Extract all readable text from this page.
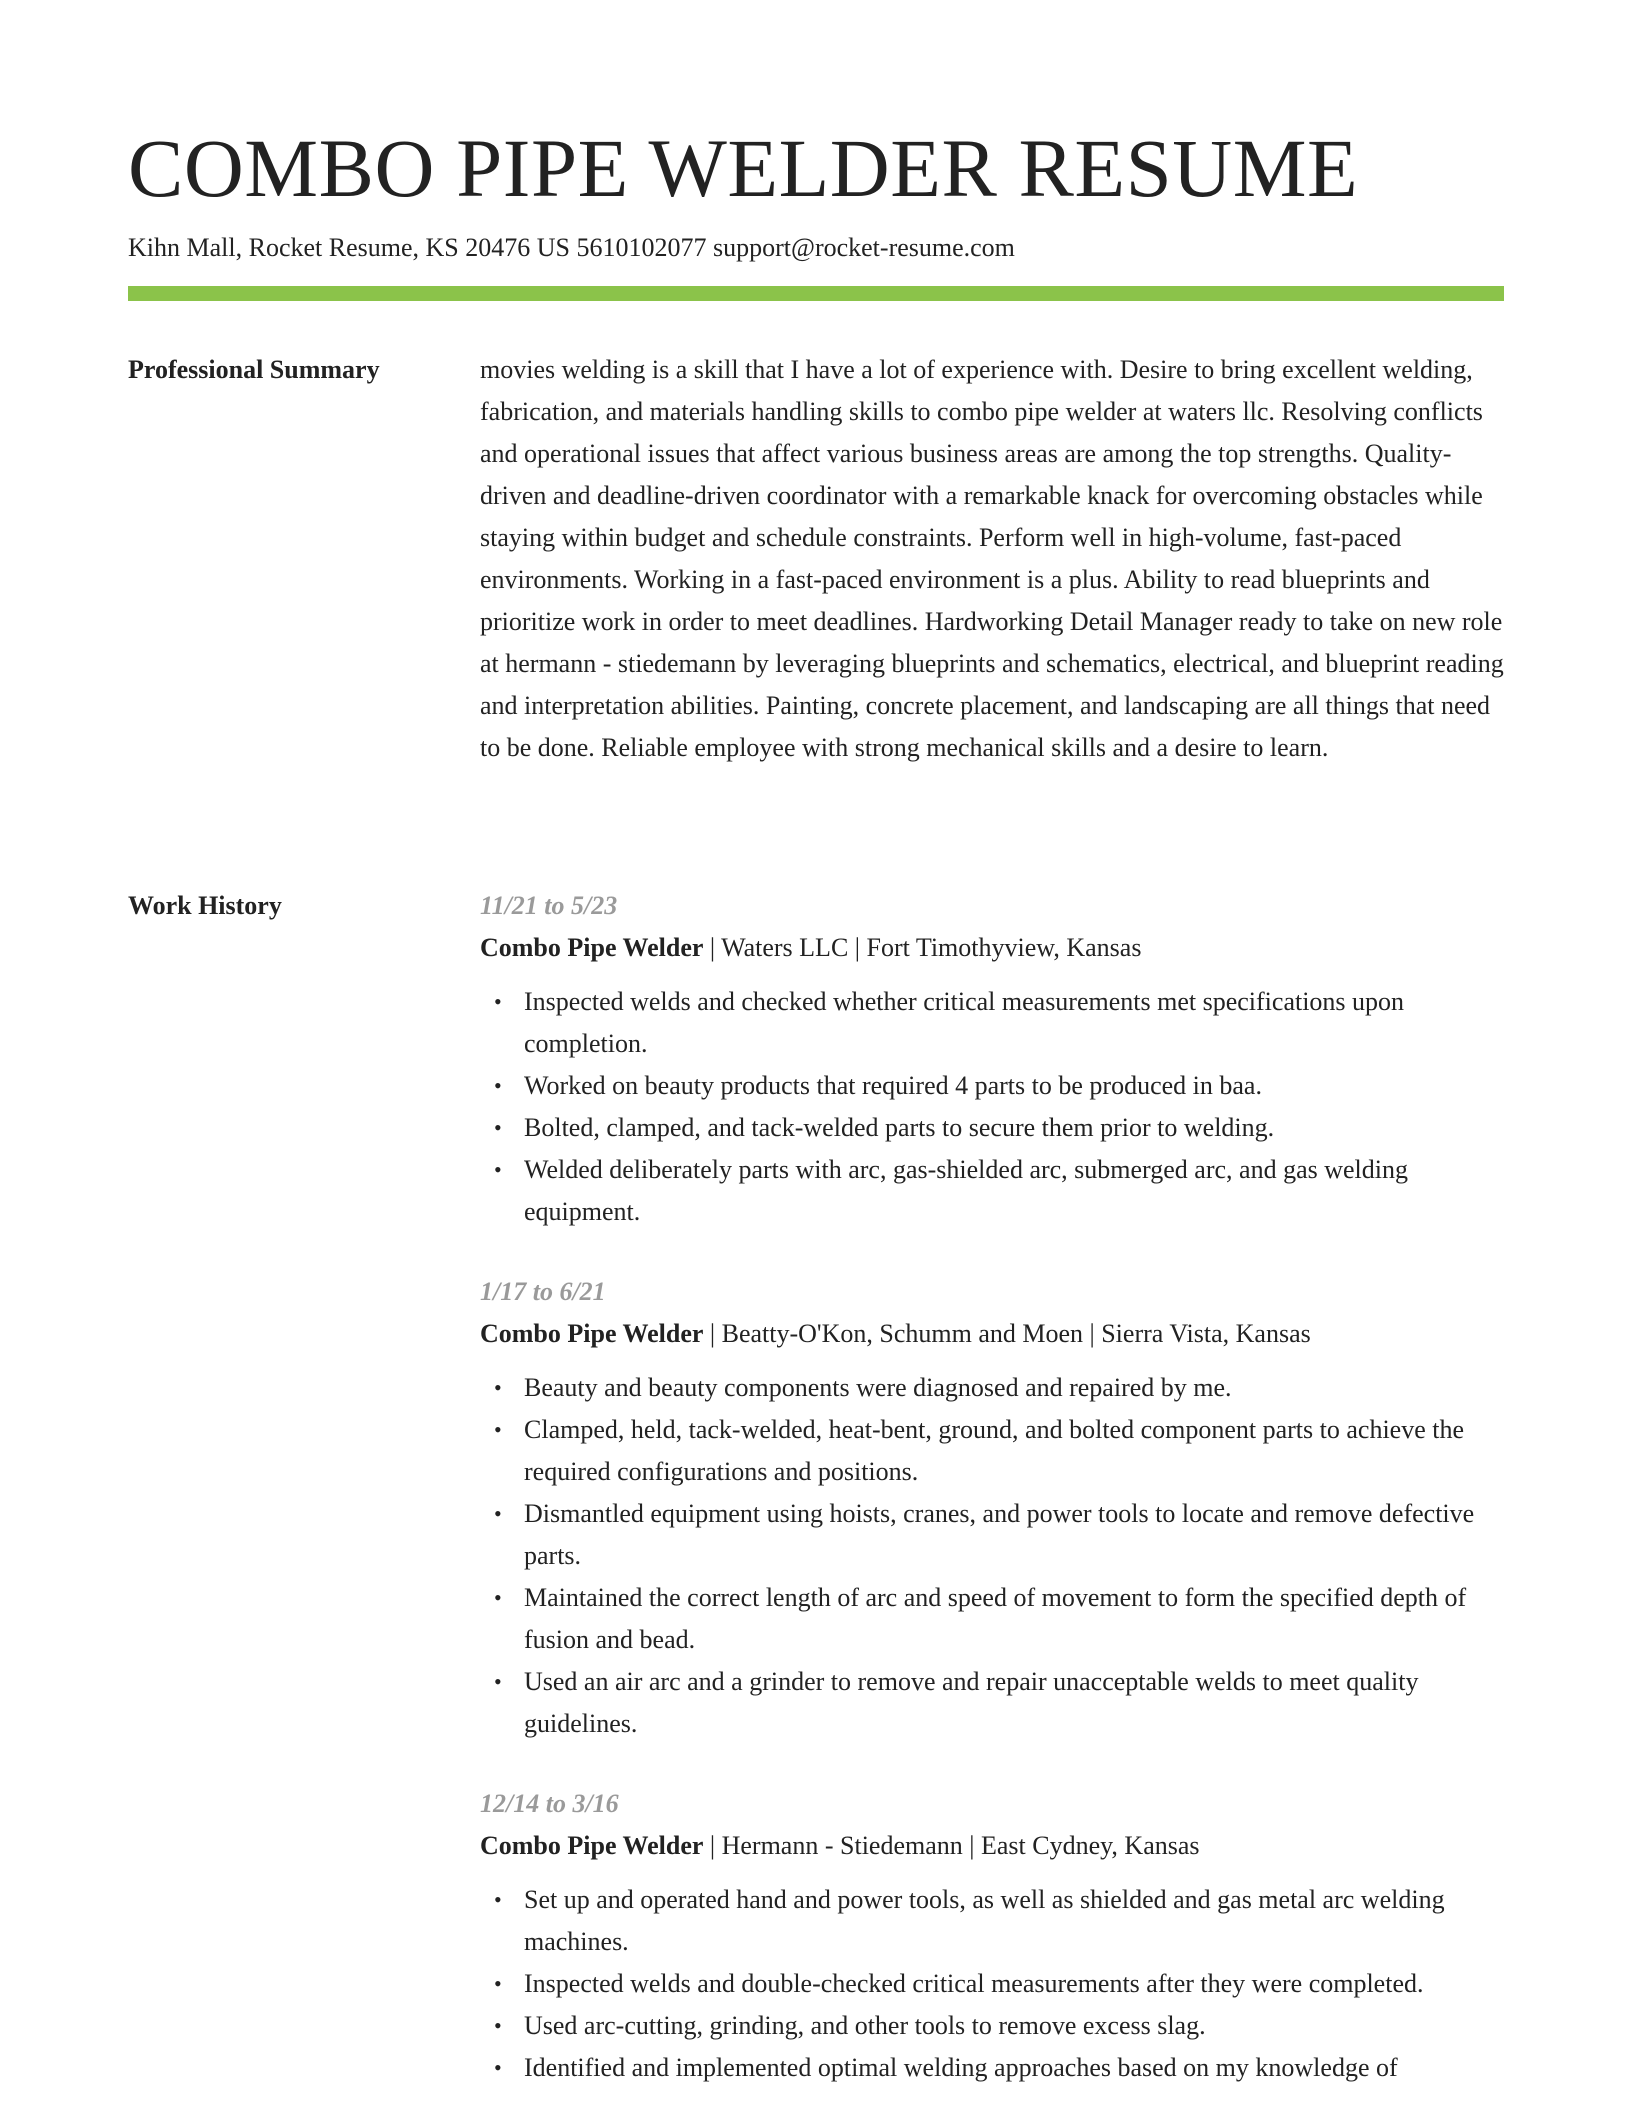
COMBO PIPE WELDER RESUME
Kihn Mall, Rocket Resume, KS 20476 US 5610102077 support@rocket-resume.com
Professional Summary	movies welding is a skill that I have a lot of experience with. Desire to bring excellent welding, fabrication, and materials handling skills to combo pipe welder at waters llc. Resolving conflicts and operational issues that affect various business areas are among the top strengths. Quality-driven and deadline-driven coordinator with a remarkable knack for overcoming obstacles while staying within budget and schedule constraints. Perform well in high-volume, fast-paced environments. Working in a fast-paced environment is a plus. Ability to read blueprints and prioritize work in order to meet deadlines. Hardworking Detail Manager ready to take on new role at hermann - stiedemann by leveraging blueprints and schematics, electrical, and blueprint reading and interpretation abilities. Painting, concrete placement, and landscaping are all things that need to be done. Reliable employee with strong mechanical skills and a desire to learn.

Work History	11/21 to 5/23
Combo Pipe Welder | Waters LLC | Fort Timothyview, Kansas
• Inspected welds and checked whether critical measurements met specifications upon completion.
• Worked on beauty products that required 4 parts to be produced in baa.
• Bolted, clamped, and tack-welded parts to secure them prior to welding.
• Welded deliberately parts with arc, gas-shielded arc, submerged arc, and gas welding equipment.
1/17 to 6/21
Combo Pipe Welder | Beatty-O'Kon, Schumm and Moen | Sierra Vista, Kansas
• Beauty and beauty components were diagnosed and repaired by me.
• Clamped, held, tack-welded, heat-bent, ground, and bolted component parts to achieve the required configurations and positions.
• Dismantled equipment using hoists, cranes, and power tools to locate and remove defective parts.
• Maintained the correct length of arc and speed of movement to form the specified depth of fusion and bead.
• Used an air arc and a grinder to remove and repair unacceptable welds to meet quality guidelines.
12/14 to 3/16
Combo Pipe Welder | Hermann - Stiedemann | East Cydney, Kansas
• Set up and operated hand and power tools, as well as shielded and gas metal arc welding machines.
• Inspected welds and double-checked critical measurements after they were completed.
• Used arc-cutting, grinding, and other tools to remove excess slag.
• Identified and implemented optimal welding approaches based on my knowledge of
